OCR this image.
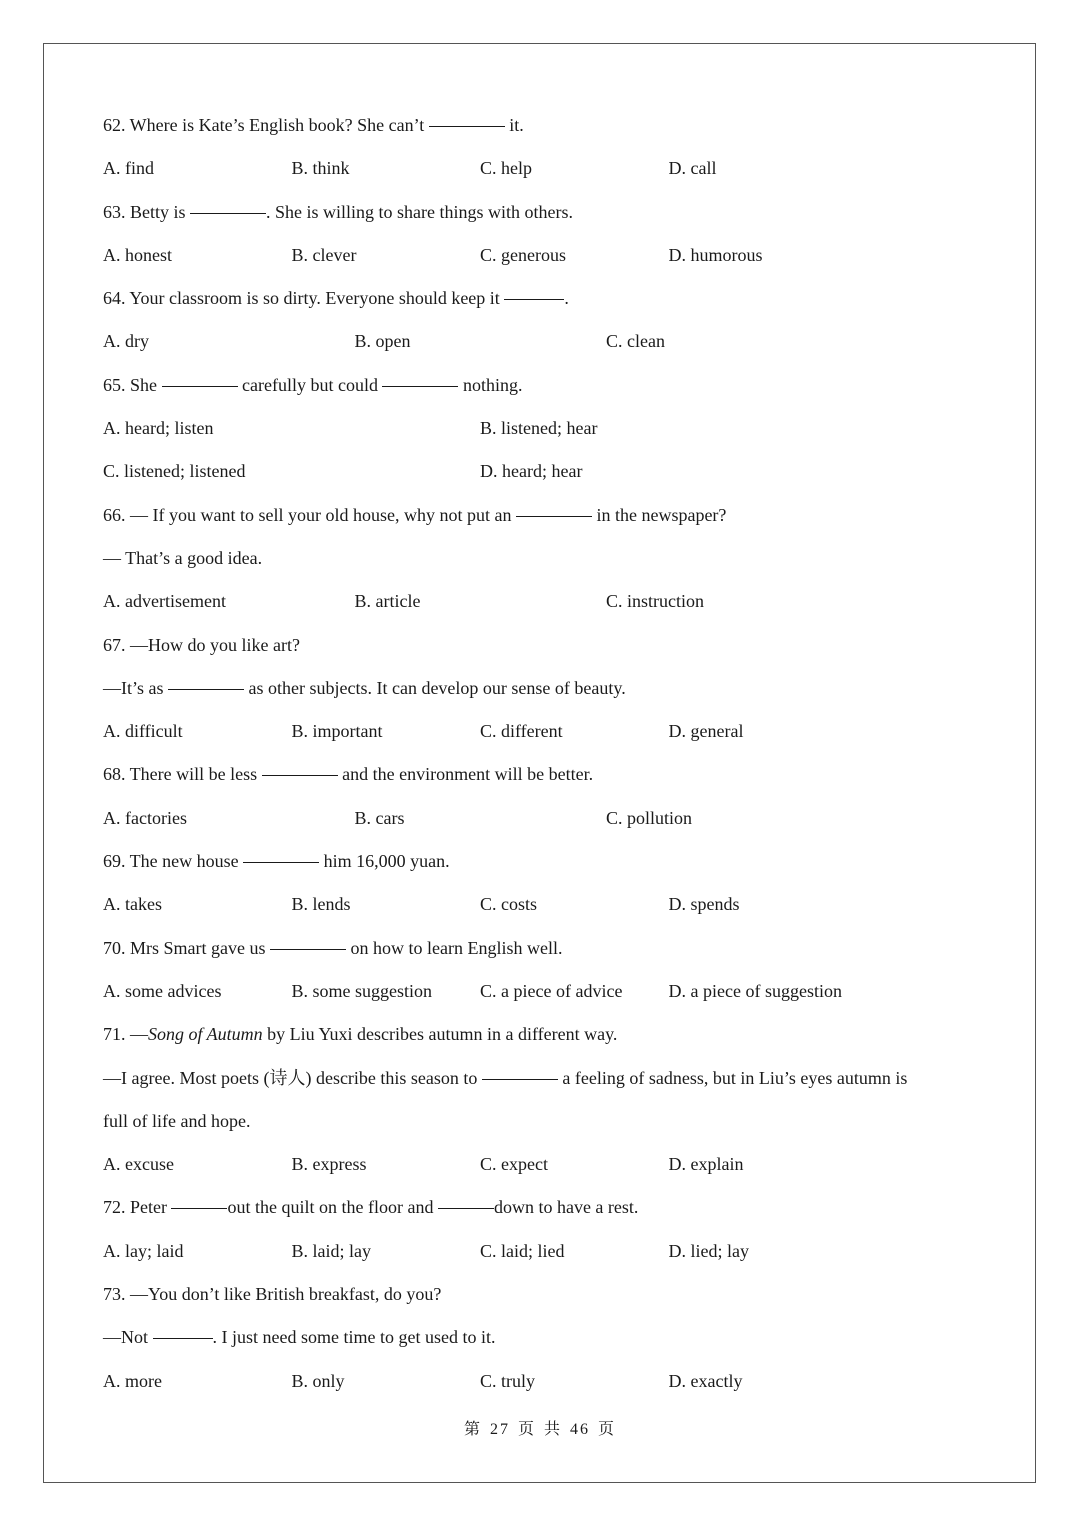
62. Where is Kate’s English book? She can’t	it.
A. find	B. think	C. help	D. call
63. Betty is	. She is willing to share things with others.
A. honest	B. clever	C. generous	D. humorous
64. Your classroom is so dirty. Everyone should keep it	.
A. dry	B. open	C. clean
65. She	carefully but could	nothing.
A. heard; listen	B. listened; hear
C. listened; listened	D. heard; hear
66. — If you want to sell your old house, why not put an	in the newspaper?
— That’s a good idea.
A. advertisement	B. article	C. instruction
67. —How do you like art?
—It’s as	as other subjects. It can develop our sense of beauty.
A. difficult	B. important	C. different	D. general
68. There will be less	and the environment will be better.
A. factories	B. cars	C. pollution
69. The new house	him 16,000 yuan.
A. takes	B. lends	C. costs	D. spends
70. Mrs Smart gave us	on how to learn English well.
A. some advices	B. some suggestion	C. a piece of advice	D. a piece of suggestion
71. —Song of Autumn by Liu Yuxi describes autumn in a different way.
—I agree. Most poets (诗人) describe this season to	a feeling of sadness, but in Liu’s eyes autumn is
full of life and hope.
A. excuse	B. express	C. expect	D. explain
72. Peter	out the quilt on the floor and	down to have a rest.
A. lay; laid	B. laid; lay	C. laid; lied	D. lied; lay
73. —You don’t like British breakfast, do you?
—Not	. I just need some time to get used to it.
A. more	B. only	C. truly	D. exactly
第 27 页 共 46 页
